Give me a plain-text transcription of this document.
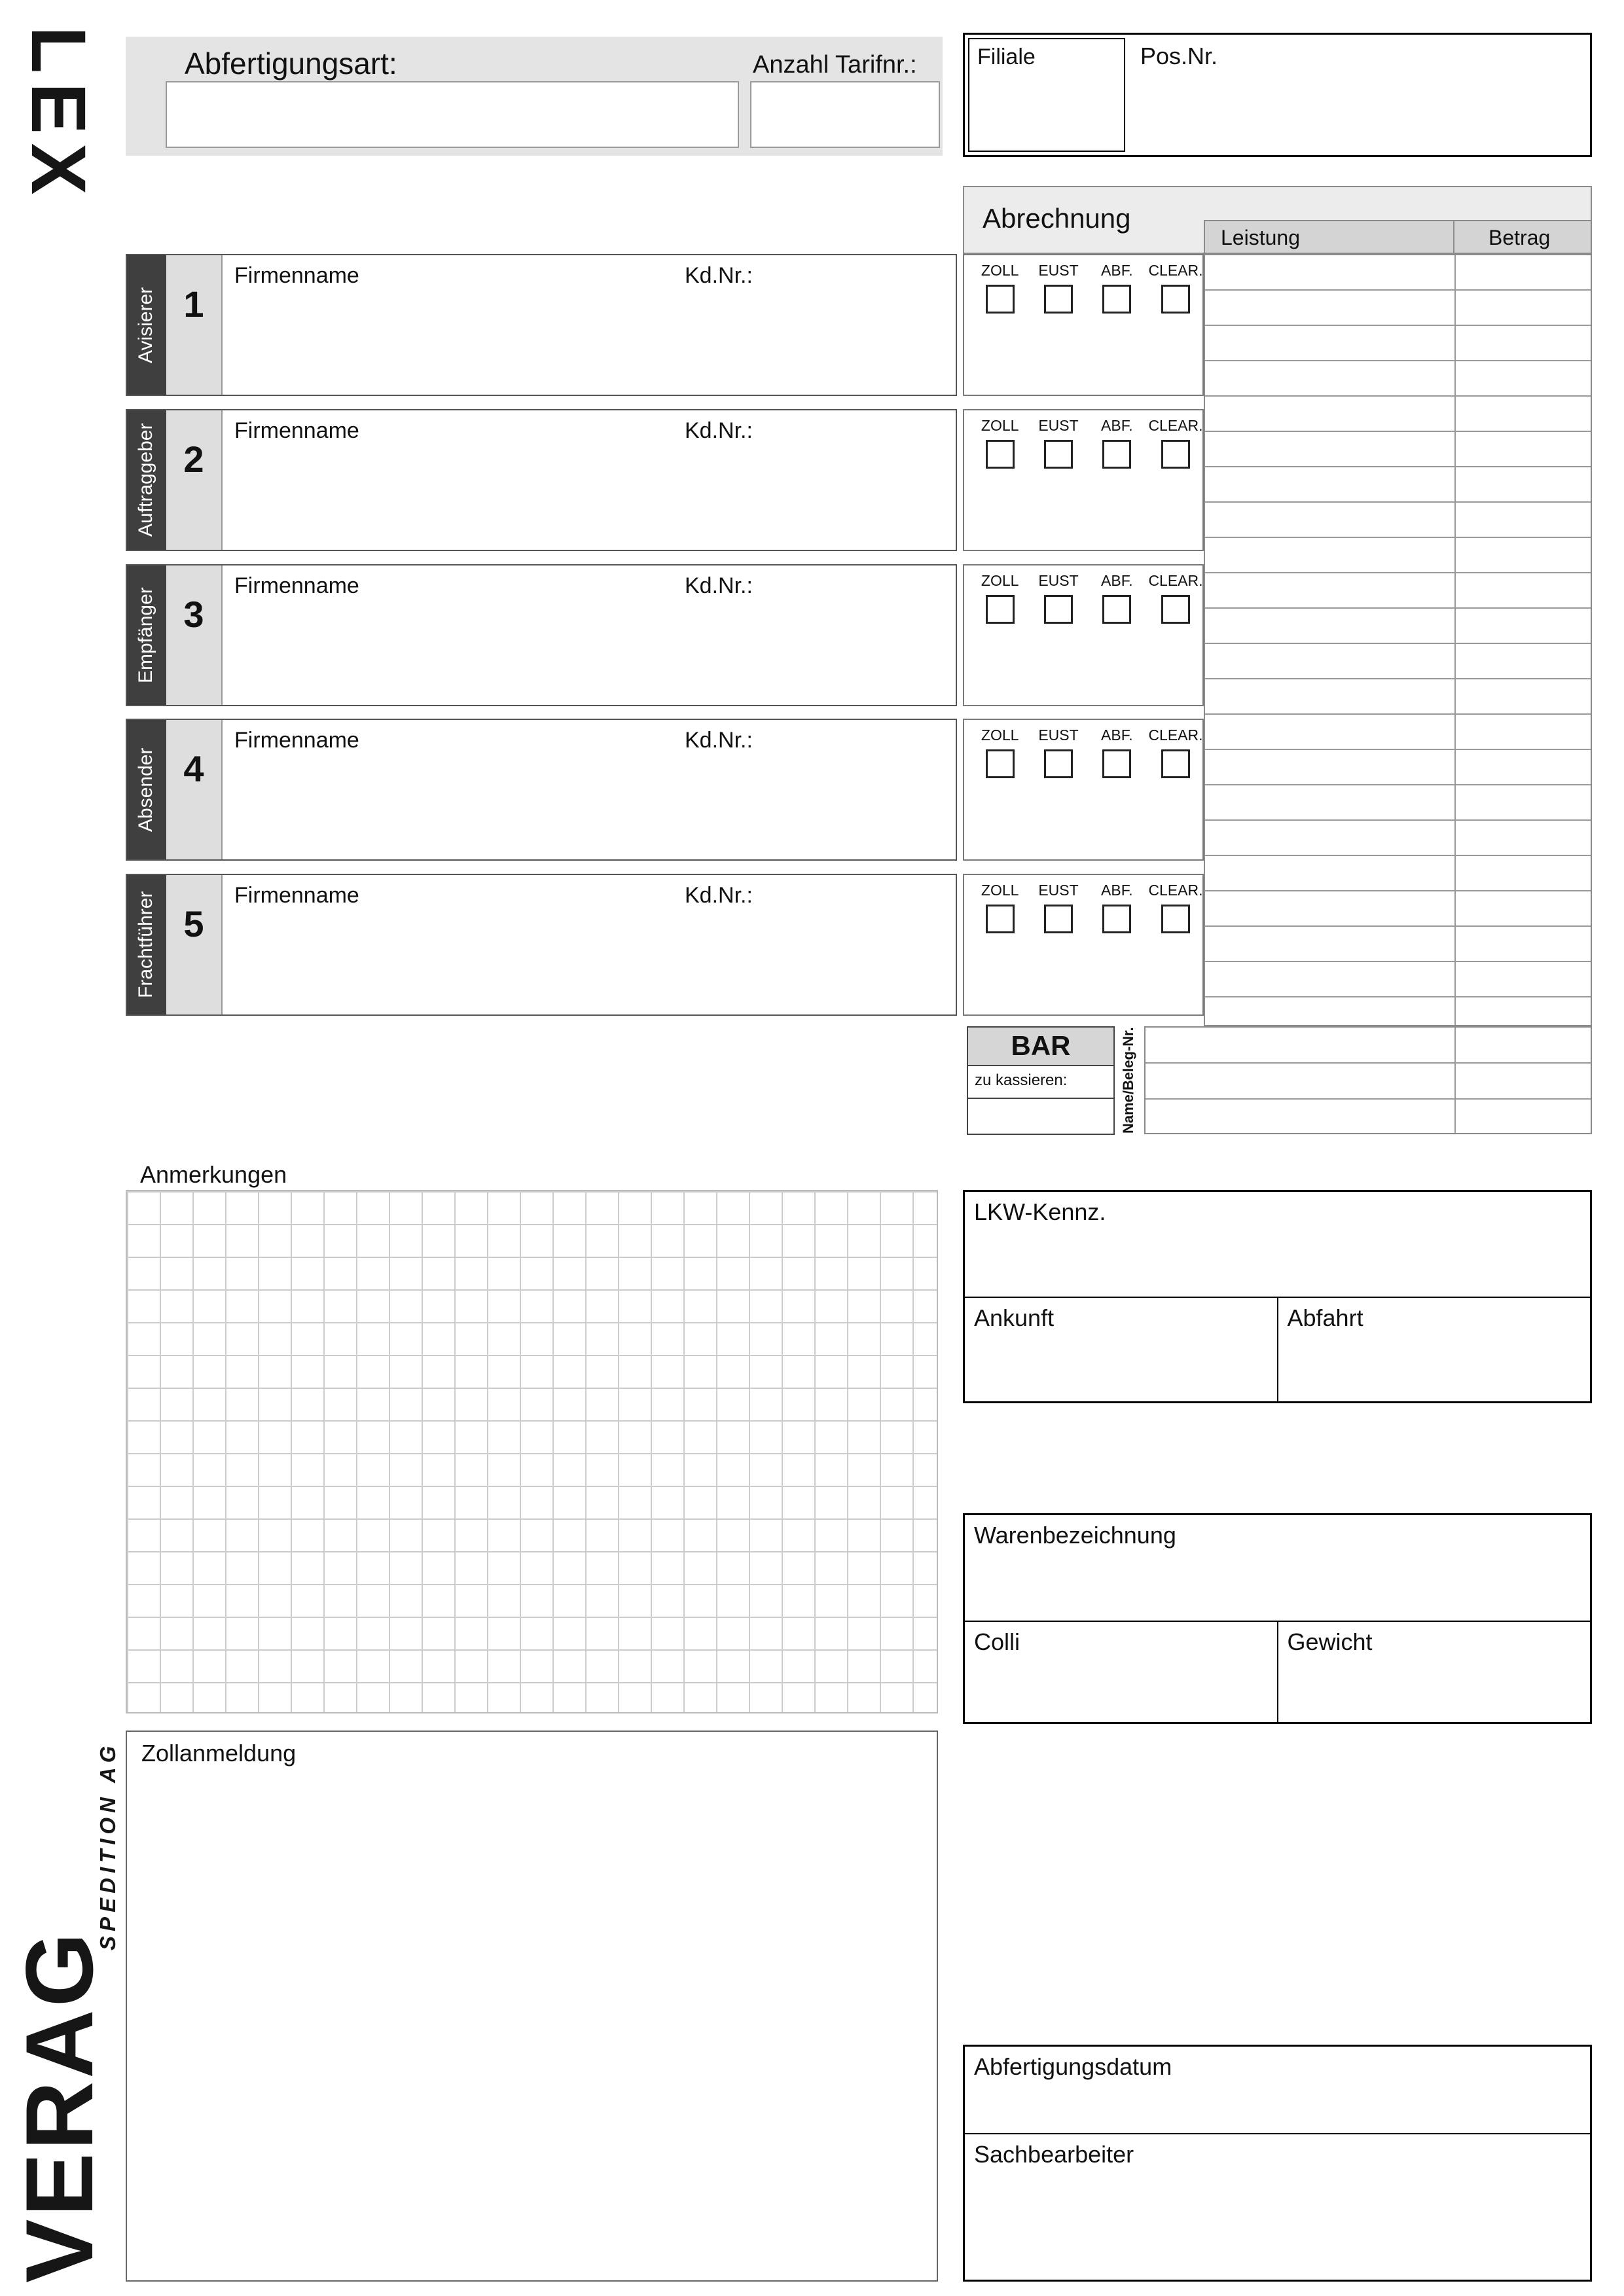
LEX
VERAG
SPEDITION AG
Abfertigungsart:	Anzahl Tarifnr.:	Filiale	Pos.Nr.
Abrechnung
Leistung	Betrag
Avisierer 1
Firmenname	Kd.Nr.:	ZOLL EUST ABF. CLEAR.
Auftraggeber 2
Firmenname	Kd.Nr.:	ZOLL EUST ABF. CLEAR.
Empfänger 3
Firmenname	Kd.Nr.:	ZOLL EUST ABF. CLEAR.
Absender 4
Firmenname	Kd.Nr.:	ZOLL EUST ABF. CLEAR.
Frachtführer 5
Firmenname	Kd.Nr.:	ZOLL EUST ABF. CLEAR.
BAR
zu kassieren:	Name/Beleg-Nr.
Anmerkungen
LKW-Kennz.
Ankunft	Abfahrt
Warenbezeichnung
Colli	Gewicht
Zollanmeldung
Abfertigungsdatum
Sachbearbeiter
